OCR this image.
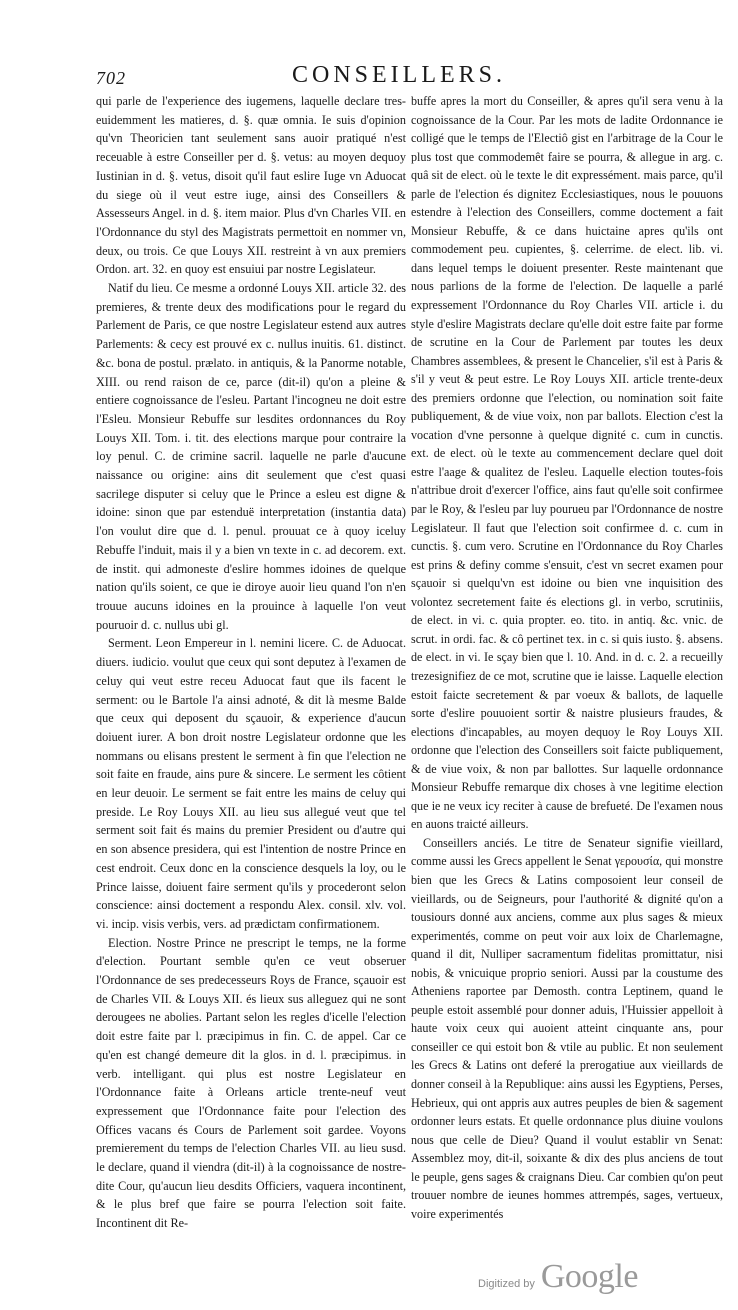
702	CONSEILLERS.

qui parle de l'experience des iugemens, laquelle declare tres-euidemment les matieres, d. §. quæ omnia. Ie suis d'opinion qu'vn Theoricien tant seulement sans auoir pratiqué n'est receuable à estre Conseiller per d. §. vetus: au moyen dequoy Iustinian in d. §. vetus, disoit qu'il faut eslire Iuge vn Aduocat du siege où il veut estre iuge, ainsi des Conseillers & Assesseurs Angel. in d. §. item maior. Plus d'vn Charles VII. en l'Ordonnance du styl des Magistrats permettoit en nommer vn, deux, ou trois. Ce que Louys XII. restreint à vn aux premiers Ordon. art. 32. en quoy est ensuiui par nostre Legislateur.

Natif du lieu. Ce mesme a ordonné Louys XII. article 32. des premieres, & trente deux des modifications pour le regard du Parlement de Paris, ce que nostre Legislateur estend aux autres Parlements: & cecy est prouvé ex c. nullus inuitis. 61. distinct. &c. bona de postul. prælato. in antiquis, & la Panorme notable, XIII. ou rend raison de ce, parce (dit-il) qu'on a pleine & entiere cognoissance de l'esleu. Partant l'incogneu ne doit estre l'Esleu. Monsieur Rebuffe sur lesdites ordonnances du Roy Louys XII. Tom. i. tit. des elections marque pour contraire la loy penul. C. de crimine sacril. laquelle ne parle d'aucune naissance ou origine: ains dit seulement que c'est quasi sacrilege disputer si celuy que le Prince a esleu est digne & idoine: sinon que par estenduë interpretation (instantia data) l'on voulut dire que d. l. penul. prouuat ce à quoy iceluy Rebuffe l'induit, mais il y a bien vn texte in c. ad decorem. ext. de instit. qui admoneste d'eslire hommes idoines de quelque nation qu'ils soient, ce que ie diroye auoir lieu quand l'on n'en trouue aucuns idoines en la prouince à laquelle l'on veut pouruoir d. c. nullus ubi gl.

Serment. Leon Empereur in l. nemini licere. C. de Aduocat. diuers. iudicio. voulut que ceux qui sont deputez à l'examen de celuy qui veut estre receu Aduocat faut que ils facent le serment: ou le Bartole l'a ainsi adnoté, & dit là mesme Balde que ceux qui deposent du sçauoir, & experience d'aucun doiuent iurer. A bon droit nostre Legislateur ordonne que les nommans ou elisans prestent le serment à fin que l'election ne soit faite en fraude, ains pure & sincere. Le serment les côtient en leur deuoir. Le serment se fait entre les mains de celuy qui preside. Le Roy Louys XII. au lieu sus allegué veut que tel serment soit fait és mains du premier President ou d'autre qui en son absence presidera, qui est l'intention de nostre Prince en cest endroit. Ceux donc en la conscience desquels la loy, ou le Prince laisse, doiuent faire serment qu'ils y procederont selon conscience: ainsi doctement a respondu Alex. consil. xlv. vol. vi. incip. visis verbis, vers. ad prædictam confirmationem.

Election. Nostre Prince ne prescript le temps, ne la forme d'election. Pourtant semble qu'en ce veut obseruer l'Ordonnance de ses predecesseurs Roys de France, sçauoir est de Charles VII. & Louys XII. és lieux sus alleguez qui ne sont derougees ne abolies. Partant selon les regles d'icelle l'election doit estre faite par l. præcipimus in fin. C. de appel. Car ce qu'en est changé demeure dit la glos. in d. l. præcipimus. in verb. intelligant. qui plus est nostre Legislateur en l'Ordonnance faite à Orleans article trente-neuf veut expressement que l'Ordonnance faite pour l'election des Offices vacans és Cours de Parlement soit gardee. Voyons premierement du temps de l'election Charles VII. au lieu susd. le declare, quand il viendra (dit-il) à la cognoissance de nostre-dite Cour, qu'aucun lieu desdits Officiers, vaquera incontinent, & le plus bref que faire se pourra l'election soit faite. Incontinent dit Re-

buffe apres la mort du Conseiller, & apres qu'il sera venu à la cognoissance de la Cour. Par les mots de ladite Ordonnance ie colligé que le temps de l'Electiô gist en l'arbitrage de la Cour le plus tost que commodemêt faire se pourra, & allegue in arg. c. quâ sit de elect. où le texte le dit expressément. mais parce, qu'il parle de l'election és dignitez Ecclesiastiques, nous le pouuons estendre à l'election des Conseillers, comme doctement a fait Monsieur Rebuffe, & ce dans huictaine apres qu'ils ont commodement peu. cupientes, §. celerrime. de elect. lib. vi. dans lequel temps le doiuent presenter. Reste maintenant que nous parlions de la forme de l'election. De laquelle a parlé expressement l'Ordonnance du Roy Charles VII. article i. du style d'eslire Magistrats declare qu'elle doit estre faite par forme de scrutine en la Cour de Parlement par toutes les deux Chambres assemblees, & present le Chancelier, s'il est à Paris & s'il y veut & peut estre. Le Roy Louys XII. article trente-deux des premiers ordonne que l'election, ou nomination soit faite publiquement, & de viue voix, non par ballots. Election c'est la vocation d'vne personne à quelque dignité c. cum in cunctis. ext. de elect. où le texte au commencement declare quel doit estre l'aage & qualitez de l'esleu. Laquelle election toutes-fois n'attribue droit d'exercer l'office, ains faut qu'elle soit confirmee par le Roy, & l'esleu par luy pourueu par l'Ordonnance de nostre Legislateur. Il faut que l'election soit confirmee d. c. cum in cunctis. §. cum vero. Scrutine en l'Ordonnance du Roy Charles est prins & definy comme s'ensuit, c'est vn secret examen pour sçauoir si quelqu'vn est idoine ou bien vne inquisition des volontez secretement faite és elections gl. in verbo, scrutiniis, de elect. in vi. c. quia propter. eo. tito. in antiq. &c. vnic. de scrut. in ordi. fac. & cô pertinet tex. in c. si quis iusto. §. absens. de elect. in vi. Ie sçay bien que l. 10. And. in d. c. 2. a recueilly trezesignifiez de ce mot, scrutine que ie laisse. Laquelle election estoit faicte secretement & par voeux & ballots, de laquelle sorte d'eslire pouuoient sortir & naistre plusieurs fraudes, & elections d'incapables, au moyen dequoy le Roy Louys XII. ordonne que l'election des Conseillers soit faicte publiquement, & de viue voix, & non par ballottes. Sur laquelle ordonnance Monsieur Rebuffe remarque dix choses à vne legitime election que ie ne veux icy reciter à cause de brefueté. De l'examen nous en auons traicté ailleurs.

Conseillers anciés. Le titre de Senateur signifie vieillard, comme aussi les Grecs appellent le Senat γερουσία, qui monstre bien que les Grecs & Latins composoient leur conseil de vieillards, ou de Seigneurs, pour l'authorité & dignité qu'on a tousiours donné aux anciens, comme aux plus sages & mieux experimentés, comme on peut voir aux loix de Charlemagne, quand il dit, Nulliper sacramentum fidelitas promittatur, nisi nobis, & vnicuique proprio seniori. Aussi par la coustume des Atheniens raportee par Demosth. contra Leptinem, quand le peuple estoit assemblé pour donner aduis, l'Huissier appelloit à haute voix ceux qui auoient atteint cinquante ans, pour conseiller ce qui estoit bon & vtile au public. Et non seulement les Grecs & Latins ont deferé la prerogatiue aux vieillards de donner conseil à la Republique: ains aussi les Egyptiens, Perses, Hebrieux, qui ont appris aux autres peuples de bien & sagement ordonner leurs estats. Et quelle ordonnance plus diuine voulons nous que celle de Dieu? Quand il voulut establir vn Senat: Assemblez moy, dit-il, soixante & dix des plus anciens de tout le peuple, gens sages & craignans Dieu. Car combien qu'on peut trouuer nombre de ieunes hommes attrempés, sages, vertueux, voire experimentés

Digitized by Google
